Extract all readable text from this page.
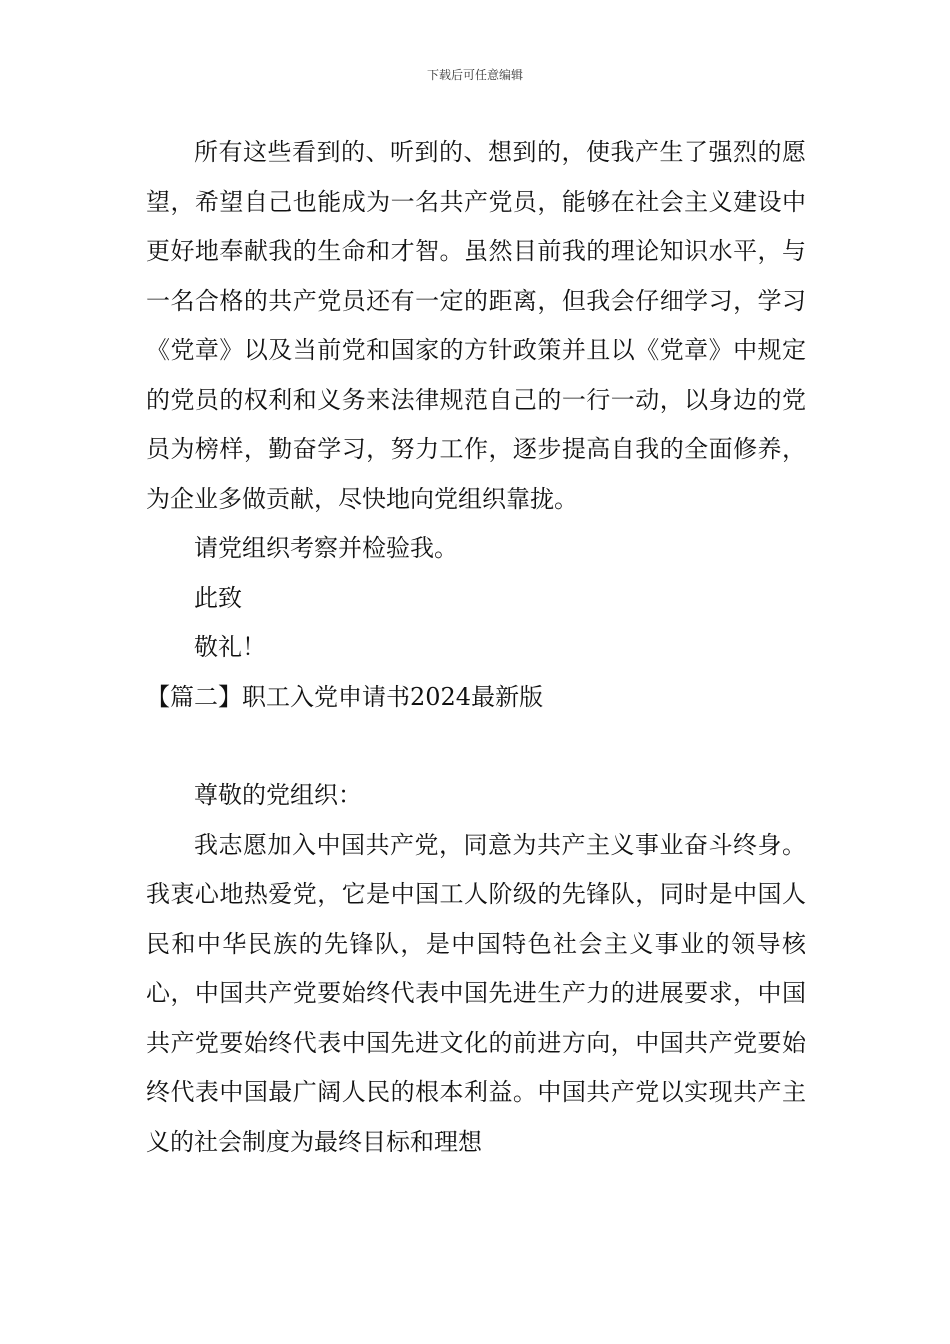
下载后可任意编辑

所有这些看到的、听到的、想到的，使我产生了强烈的愿望，希望自己也能成为一名共产党员，能够在社会主义建设中更好地奉献我的生命和才智。虽然目前我的理论知识水平，与一名合格的共产党员还有一定的距离，但我会仔细学习，学习《党章》以及当前党和国家的方针政策并且以《党章》中规定的党员的权利和义务来法律规范自己的一行一动，以身边的党员为榜样，勤奋学习，努力工作，逐步提高自我的全面修养，为企业多做贡献，尽快地向党组织靠拢。

请党组织考察并检验我。

此致

敬礼！

【篇二】职工入党申请书2024最新版

尊敬的党组织：

我志愿加入中国共产党，同意为共产主义事业奋斗终身。我衷心地热爱党，它是中国工人阶级的先锋队，同时是中国人民和中华民族的先锋队，是中国特色社会主义事业的领导核心，中国共产党要始终代表中国先进生产力的进展要求，中国共产党要始终代表中国先进文化的前进方向，中国共产党要始终代表中国最广阔人民的根本利益。中国共产党以实现共产主义的社会制度为最终目标和理想
